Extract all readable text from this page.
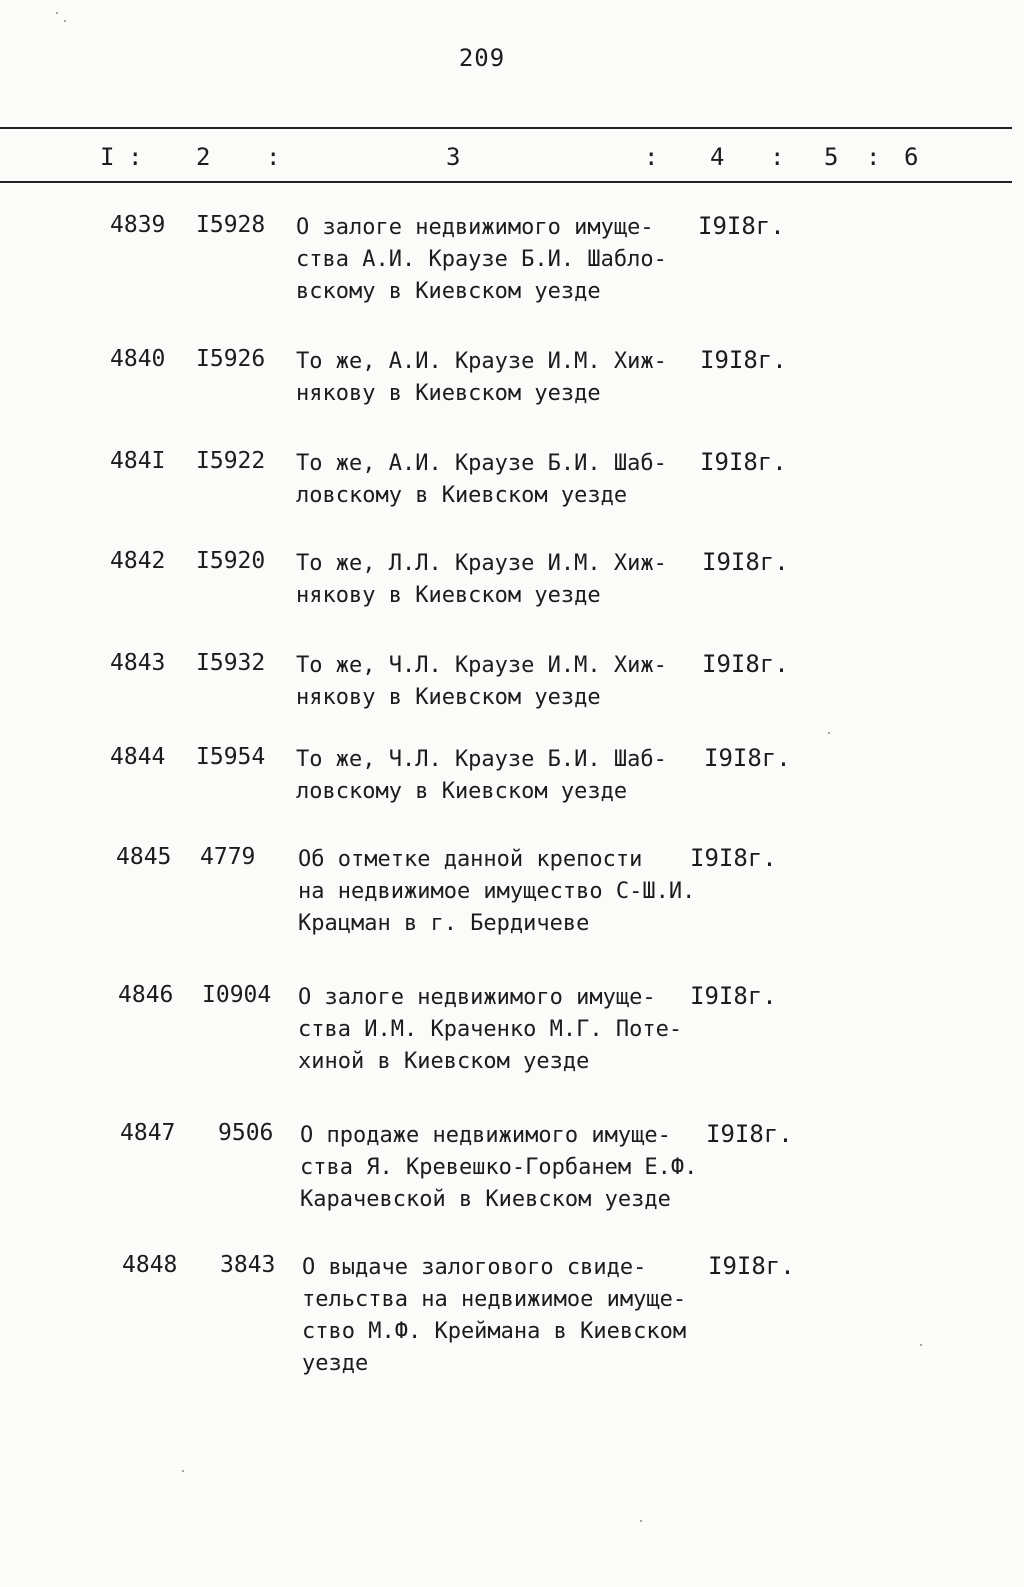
209
I : 2 :	3	: 4 : 5 : 6
4839 I5928 О залоге недвижимого имуще-
ства А.И. Краузе Б.И. Шабло-
вскому в Киевском уезде
I9I8г.
4840 I5926 То же, А.И. Краузе И.М. Хиж-
някову в Киевском уезде
I9I8г.
484I I5922 То же, А.И. Краузе Б.И. Шаб-
ловскому в Киевском уезде
I9I8г.
4842 I5920 То же, Л.Л. Краузе И.М. Хиж-
някову в Киевском уезде
I9I8г.
4843 I5932 То же, Ч.Л. Краузе И.М. Хиж-
някову в Киевском уезде
I9I8г.
4844 I5954 То же, Ч.Л. Краузе Б.И. Шаб-
ловскому в Киевском уезде
I9I8г.
4845 4779 Об отметке данной крепости
на недвижимое имущество С-Ш.И.
Крацман в г. Бердичеве
I9I8г.
4846 I0904 О залоге недвижимого имуще-
ства И.М. Краченко М.Г. Поте-
хиной в Киевском уезде
I9I8г.
4847 9506 О продаже недвижимого имуще-
ства Я. Кревешко-Горбанем Е.Ф.
Карачевской в Киевском уезде
I9I8г.
4848 3843 О выдаче залогового свиде-
тельства на недвижимое имуще-
ство М.Ф. Креймана в Киевском
уезде
I9I8г.
